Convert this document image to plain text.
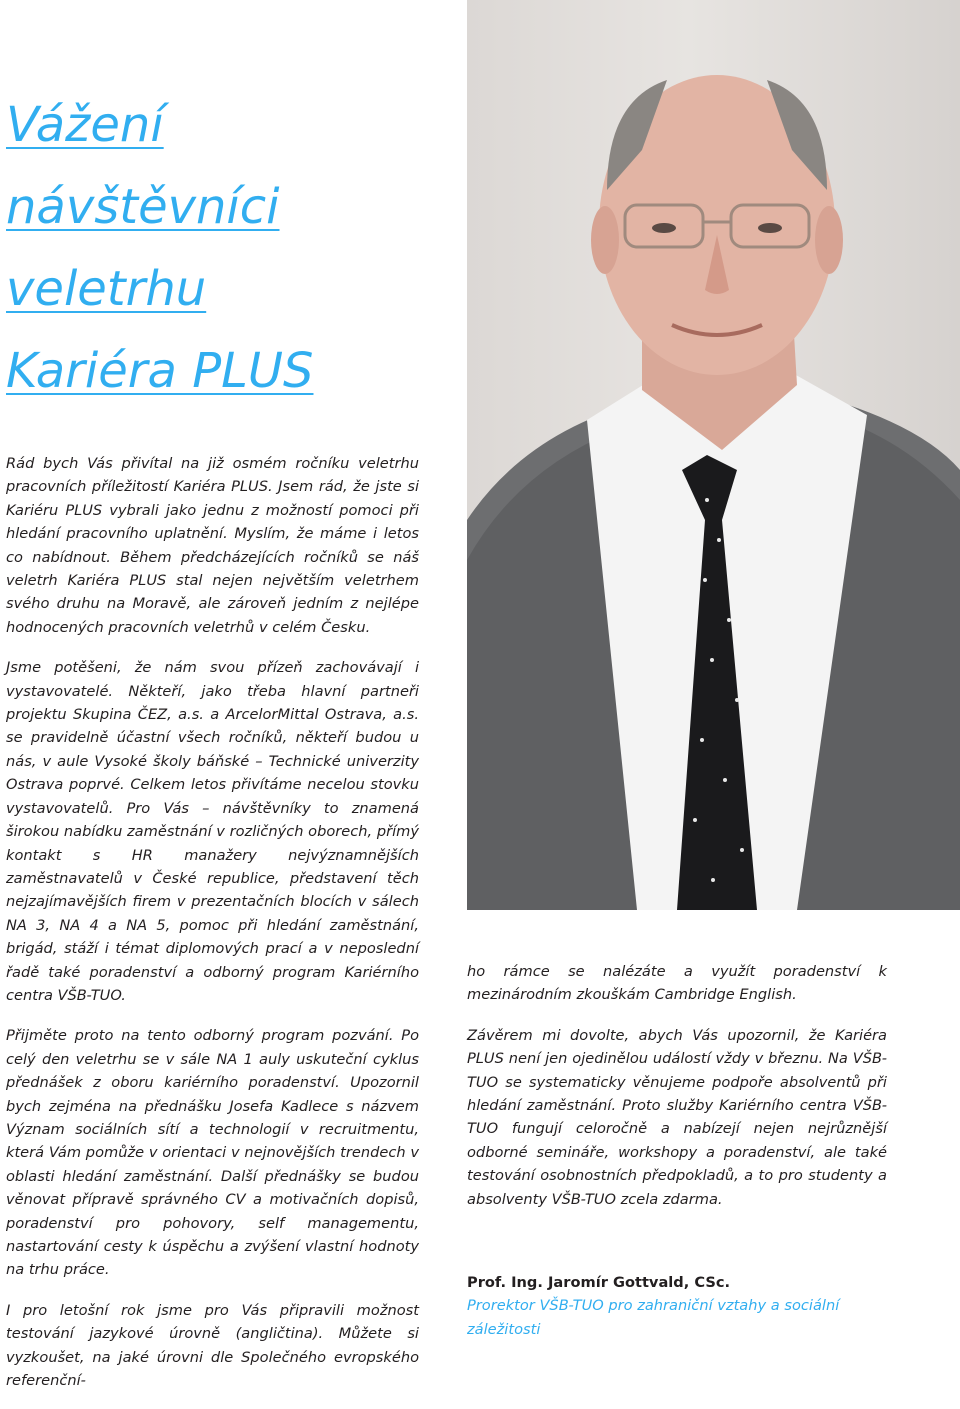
Vážení
návštěvníci
veletrhu
Kariéra PLUS

Rád bych Vás přivítal na již osmém ročníku veletrhu pracovních příležitostí Kariéra PLUS. Jsem rád, že jste si Kariéru PLUS vybrali jako jednu z možností pomoci při hledání pracovního uplatnění. Myslím, že máme i letos co nabídnout. Během předcházejících ročníků se náš veletrh Kariéra PLUS stal nejen největším veletrhem svého druhu na Moravě, ale zároveň jedním z nejlépe hodnocených pracovních veletrhů v celém Česku.

Jsme potěšeni, že nám svou přízeň zachovávají i vystavovatelé. Někteří, jako třeba hlavní partneři projektu Skupina ČEZ, a.s. a ArcelorMittal Ostrava, a.s. se pravidelně účastní všech ročníků, někteří budou u nás, v aule Vysoké školy báňské – Technické univerzity Ostrava poprvé. Celkem letos přivítáme necelou stovku vystavovatelů. Pro Vás – návštěvníky to znamená širokou nabídku zaměstnání v rozličných oborech, přímý kontakt s HR manažery nejvýznamnějších zaměstnavatelů v České republice, představení těch nejzajímavějších firem v prezentačních blocích v sálech NA 3, NA 4 a NA 5, pomoc při hledání zaměstnání, brigád, stáží i témat diplomových prací a v neposlední řadě také poradenství a odborný program Kariérního centra VŠB-TUO.

Přijměte proto na tento odborný program pozvání. Po celý den veletrhu se v sále NA 1 auly uskuteční cyklus přednášek z oboru kariérního poradenství. Upozornil bych zejména na přednášku Josefa Kadlece s názvem Význam sociálních sítí a technologií v recruitmentu, která Vám pomůže v orientaci v nejnovějších trendech v oblasti hledání zaměstnání. Další přednášky se budou věnovat přípravě správného CV a motivačních dopisů, poradenství pro pohovory, self managementu, nastartování cesty k úspěchu a zvýšení vlastní hodnoty na trhu práce.

I pro letošní rok jsme pro Vás připravili možnost testování jazykové úrovně (angličtina). Můžete si vyzkoušet, na jaké úrovni dle Společného evropského referenční-

ho rámce se nalézáte a využít poradenství k mezinárodním zkouškám Cambridge English.

Závěrem mi dovolte, abych Vás upozornil, že Kariéra PLUS není jen ojedinělou událostí vždy v březnu. Na VŠB-TUO se systematicky věnujeme podpoře absolventů při hledání zaměstnání. Proto služby Kariérního centra VŠB-TUO fungují celoročně a nabízejí nejen nejrůznější odborné semináře, workshopy a poradenství, ale také testování osobnostních předpokladů, a to pro studenty a absolventy VŠB-TUO zcela zdarma.

Prof. Ing. Jaromír Gottvald, CSc.

Prorektor VŠB-TUO pro zahraniční vztahy a sociální záležitosti
